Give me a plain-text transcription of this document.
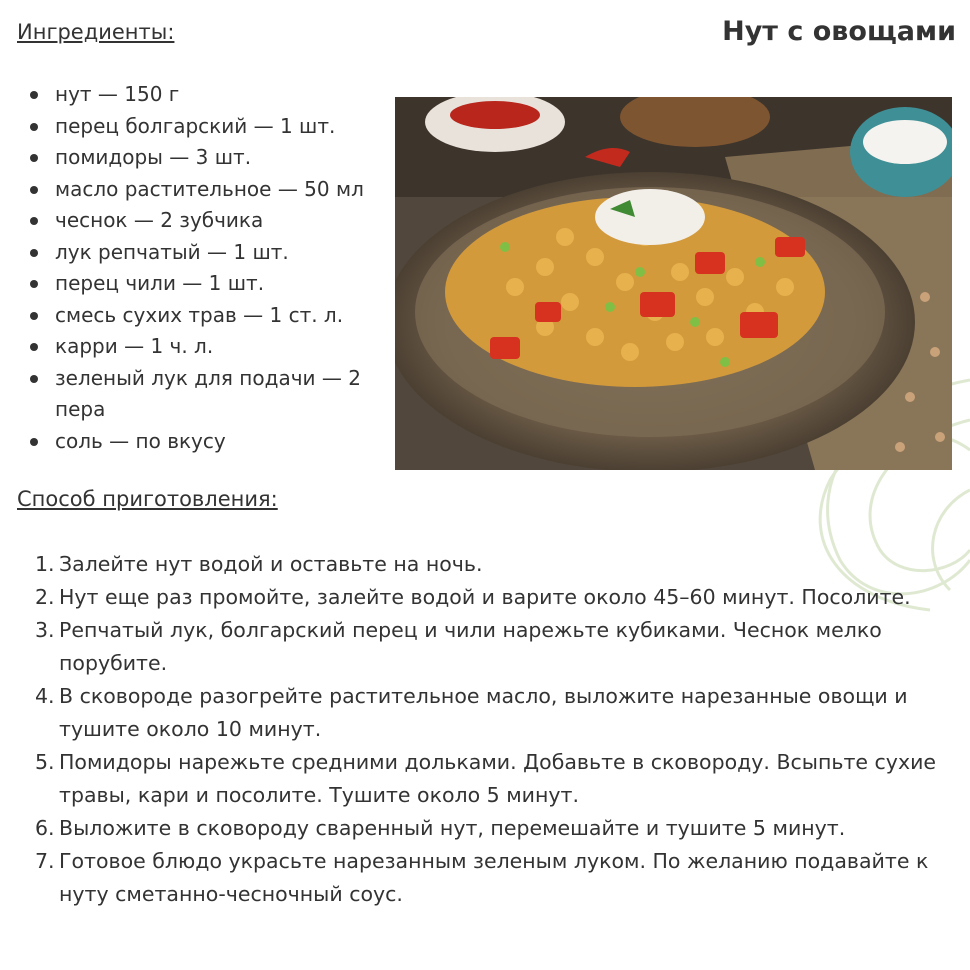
Ингредиенты:	Нут с овощами
нут — 150 г
перец болгарский — 1 шт.
помидоры — 3 шт.
масло растительное — 50 мл
чеснок — 2 зубчика
лук репчатый — 1 шт.
перец чили — 1 шт.
смесь сухих трав — 1 ст. л.
карри — 1 ч. л.
зеленый лук для подачи — 2 пера
соль — по вкусу
Способ приготовления:
1. Залейте нут водой и оставьте на ночь.
2. Нут еще раз промойте, залейте водой и варите около 45–60 минут. Посолите.
3. Репчатый лук, болгарский перец и чили нарежьте кубиками. Чеснок мелко порубите.
4. В сковороде разогрейте растительное масло, выложите нарезанные овощи и тушите около 10 минут.
5. Помидоры нарежьте средними дольками. Добавьте в сковороду. Всыпьте сухие травы, кари и посолите. Тушите около 5 минут.
6. Выложите в сковороду сваренный нут, перемешайте и тушите 5 минут.
7. Готовое блюдо украсьте нарезанным зеленым луком. По желанию подавайте к нуту сметанно-чесночный соус.
